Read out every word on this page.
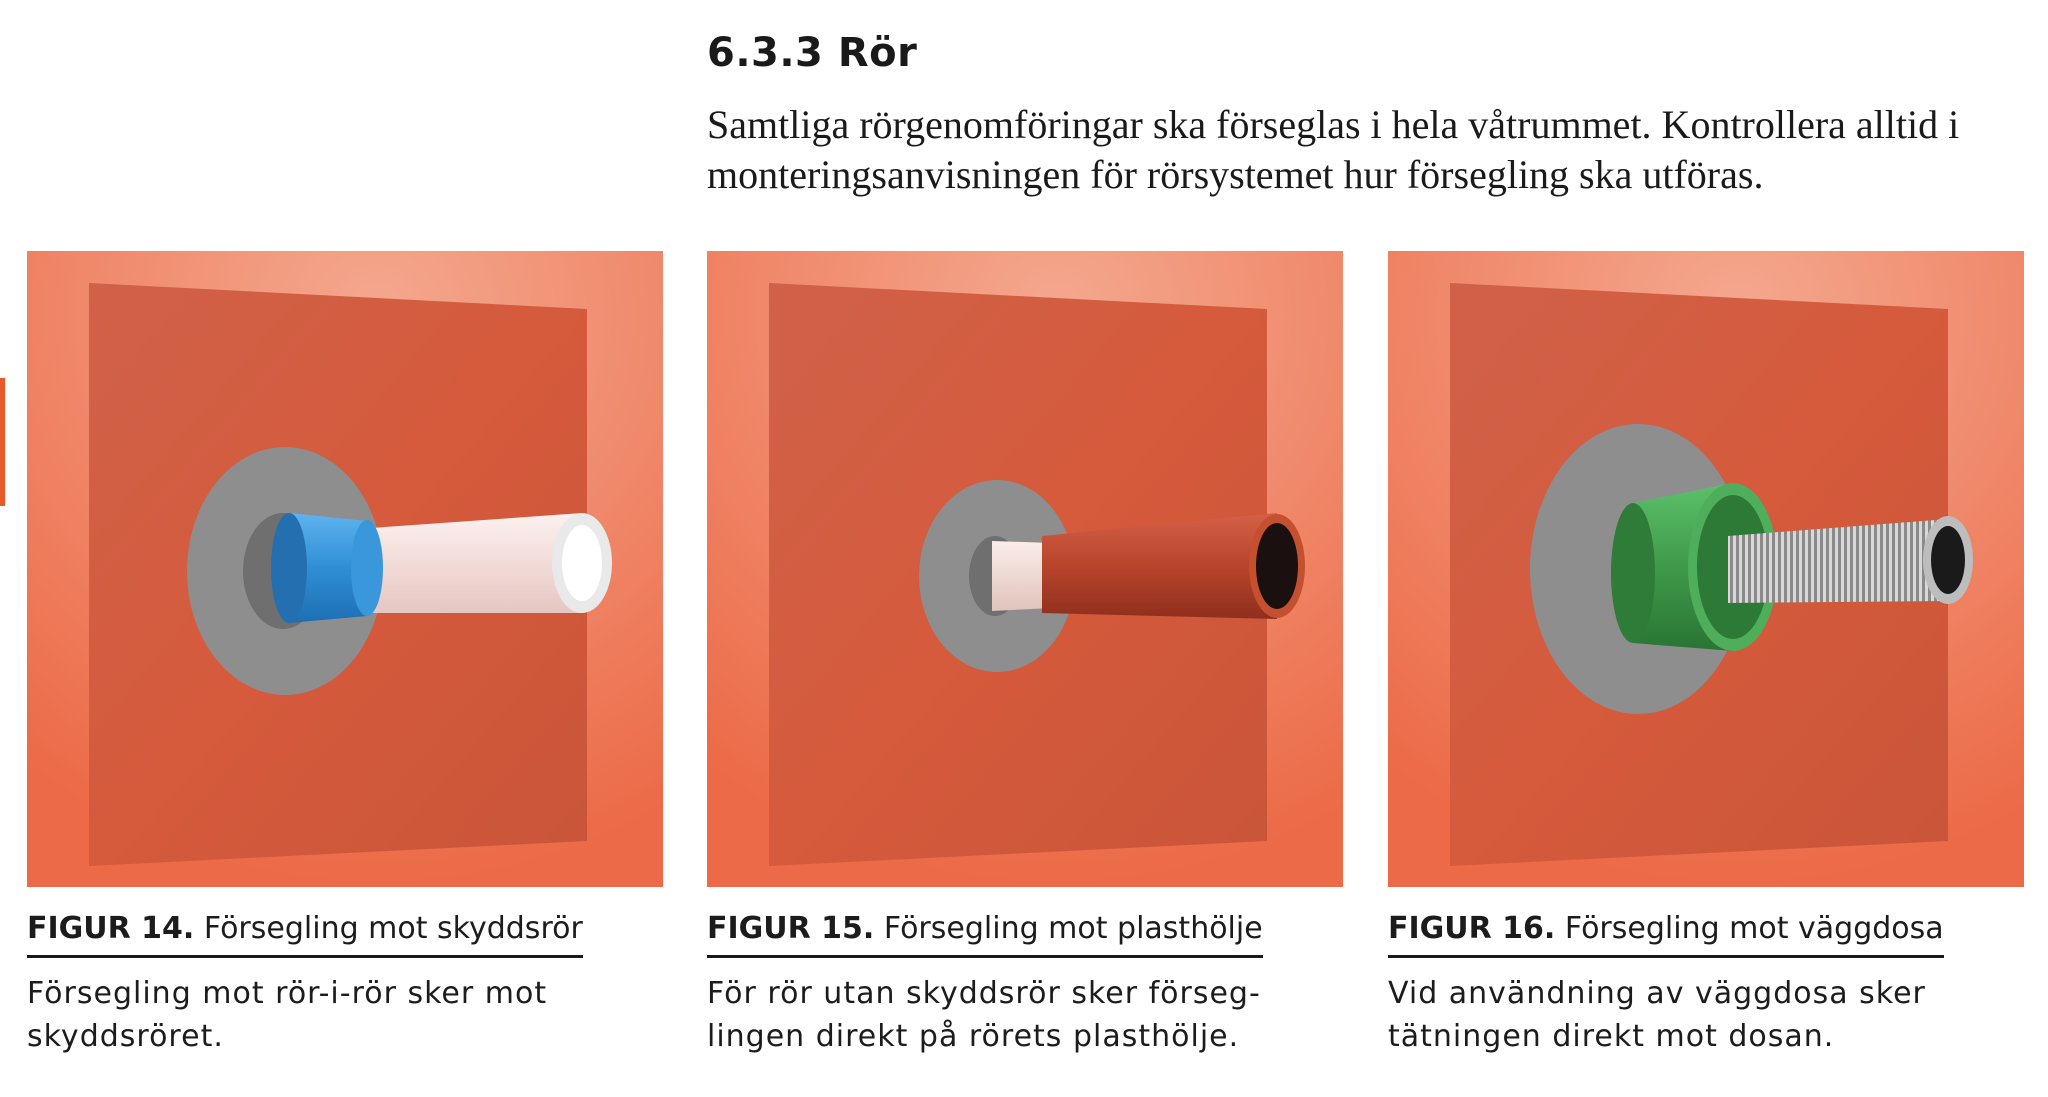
6.3.3 Rör

Samtliga rörgenomföringar ska förseglas i hela våtrummet. Kontrollera alltid i monteringsanvisningen för rörsystemet hur försegling ska utföras.

FIGUR 14. Försegling mot skyddsrör

Försegling mot rör-i-rör sker mot
skyddsröret.

FIGUR 15. Försegling mot plasthölje

För rör utan skyddsrör sker förseg-
lingen direkt på rörets plasthölje.

FIGUR 16. Försegling mot väggdosa

Vid användning av väggdosa sker
tätningen direkt mot dosan.
